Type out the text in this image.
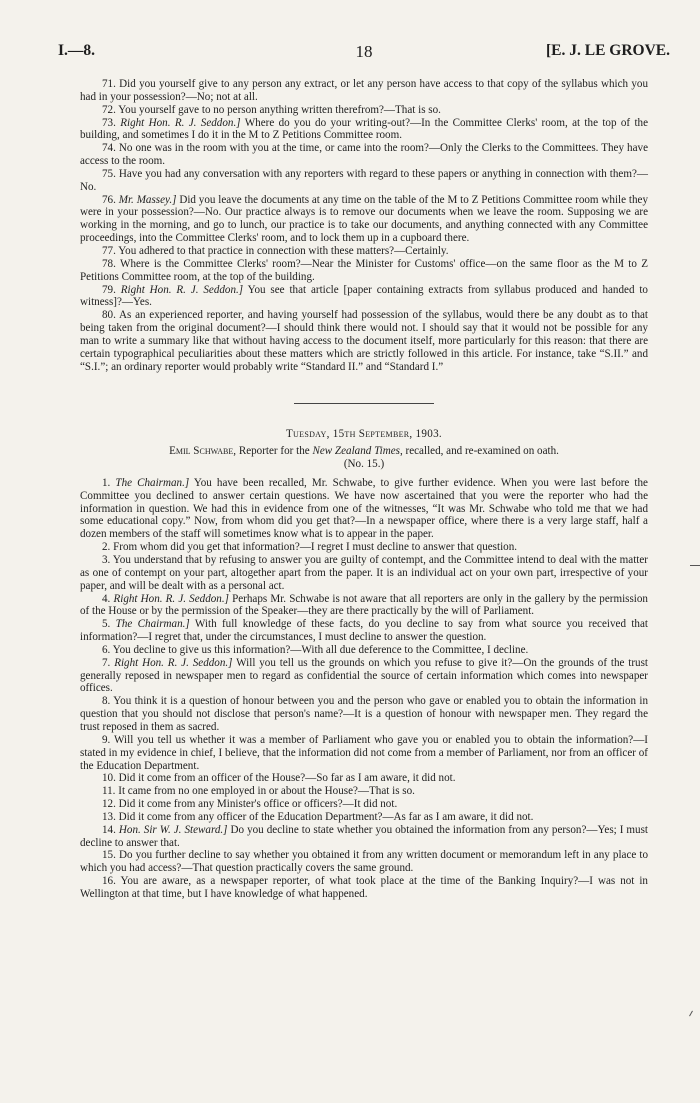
I.—8.	18	[E. J. LE GROVE.

71. Did you yourself give to any person any extract, or let any person have access to that copy of the syllabus which you had in your possession?—No; not at all.

72. You yourself gave to no person anything written therefrom?—That is so.

73. Right Hon. R. J. Seddon.] Where do you do your writing-out?—In the Committee Clerks' room, at the top of the building, and sometimes I do it in the M to Z Petitions Committee room.

74. No one was in the room with you at the time, or came into the room?—Only the Clerks to the Committees. They have access to the room.

75. Have you had any conversation with any reporters with regard to these papers or anything in connection with them?—No.

76. Mr. Massey.] Did you leave the documents at any time on the table of the M to Z Petitions Committee room while they were in your possession?—No. Our practice always is to remove our documents when we leave the room. Supposing we are working in the morning, and go to lunch, our practice is to take our documents, and anything connected with any Committee proceedings, into the Committee Clerks' room, and to lock them up in a cupboard there.

77. You adhered to that practice in connection with these matters?—Certainly.

78. Where is the Committee Clerks' room?—Near the Minister for Customs' office—on the same floor as the M to Z Petitions Committee room, at the top of the building.

79. Right Hon. R. J. Seddon.] You see that article [paper containing extracts from syllabus produced and handed to witness]?—Yes.

80. As an experienced reporter, and having yourself had possession of the syllabus, would there be any doubt as to that being taken from the original document?—I should think there would not. I should say that it would not be possible for any man to write a summary like that without having access to the document itself, more particularly for this reason: that there are certain typographical peculiarities about these matters which are strictly followed in this article. For instance, take “S.II.” and “S.I.”; an ordinary reporter would probably write “Standard II.” and “Standard I.”

Tuesday, 15th September, 1903.

Emil Schwabe, Reporter for the New Zealand Times, recalled, and re-examined on oath.

(No. 15.)

1. The Chairman.] You have been recalled, Mr. Schwabe, to give further evidence. When you were last before the Committee you declined to answer certain questions. We have now ascertained that you were the reporter who had the information in question. We had this in evidence from one of the witnesses, “It was Mr. Schwabe who told me that we had some educational copy.” Now, from whom did you get that?—In a newspaper office, where there is a very large staff, half a dozen members of the staff will sometimes know what is to appear in the paper.

2. From whom did you get that information?—I regret I must decline to answer that question.

3. You understand that by refusing to answer you are guilty of contempt, and the Committee intend to deal with the matter as one of contempt on your part, altogether apart from the paper. It is an individual act on your own part, irrespective of your paper, and will be dealt with as a personal act.

4. Right Hon. R. J. Seddon.] Perhaps Mr. Schwabe is not aware that all reporters are only in the gallery by the permission of the House or by the permission of the Speaker—they are there practically by the will of Parliament.

5. The Chairman.] With full knowledge of these facts, do you decline to say from what source you received that information?—I regret that, under the circumstances, I must decline to answer the question.

6. You decline to give us this information?—With all due deference to the Committee, I decline.

7. Right Hon. R. J. Seddon.] Will you tell us the grounds on which you refuse to give it?—On the grounds of the trust generally reposed in newspaper men to regard as confidential the source of certain information which comes into newspaper offices.

8. You think it is a question of honour between you and the person who gave or enabled you to obtain the information in question that you should not disclose that person's name?—It is a question of honour with newspaper men. They regard the trust reposed in them as sacred.

9. Will you tell us whether it was a member of Parliament who gave you or enabled you to obtain the information?—I stated in my evidence in chief, I believe, that the information did not come from a member of Parliament, nor from an officer of the Education Department.

10. Did it come from an officer of the House?—So far as I am aware, it did not.

11. It came from no one employed in or about the House?—That is so.

12. Did it come from any Minister's office or officers?—It did not.

13. Did it come from any officer of the Education Department?—As far as I am aware, it did not.

14. Hon. Sir W. J. Steward.] Do you decline to state whether you obtained the information from any person?—Yes; I must decline to answer that.

15. Do you further decline to say whether you obtained it from any written document or memorandum left in any place to which you had access?—That question practically covers the same ground.

16. You are aware, as a newspaper reporter, of what took place at the time of the Banking Inquiry?—I was not in Wellington at that time, but I have knowledge of what happened.
